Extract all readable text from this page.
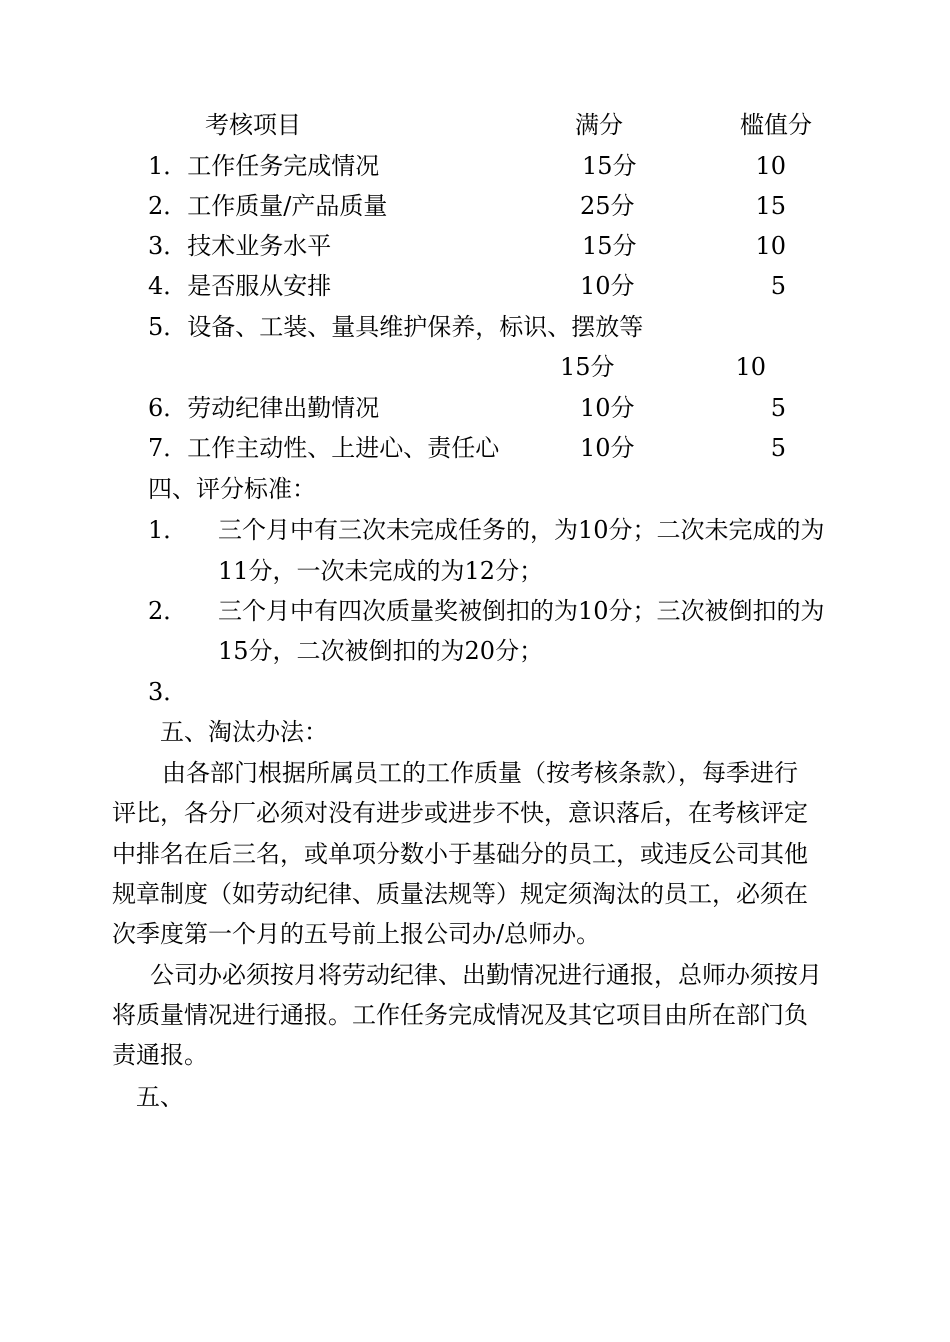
考核项目	满分	槛值分
1．工作任务完成情况	15分	10
2．工作质量/产品质量	25分	15
3．技术业务水平	15分	10
4．是否服从安排	10分	5
5．设备、工装、量具维护保养，标识、摆放等
15分	10
6．劳动纪律出勤情况	10分	5
7．工作主动性、上进心、责任心	10分	5
四、评分标准：
1． 三个月中有三次未完成任务的，为10分；二次未完成的为
11分，一次未完成的为12分；
2． 三个月中有四次质量奖被倒扣的为10分；三次被倒扣的为
15分，二次被倒扣的为20分；
3．
五、淘汰办法：
由各部门根据所属员工的工作质量（按考核条款），每季进行
评比，各分厂必须对没有进步或进步不快，意识落后，在考核评定
中排名在后三名，或单项分数小于基础分的员工，或违反公司其他
规章制度（如劳动纪律、质量法规等）规定须淘汰的员工，必须在
次季度第一个月的五号前上报公司办/总师办。
公司办必须按月将劳动纪律、出勤情况进行通报，总师办须按月
将质量情况进行通报。工作任务完成情况及其它项目由所在部门负
责通报。
五、
